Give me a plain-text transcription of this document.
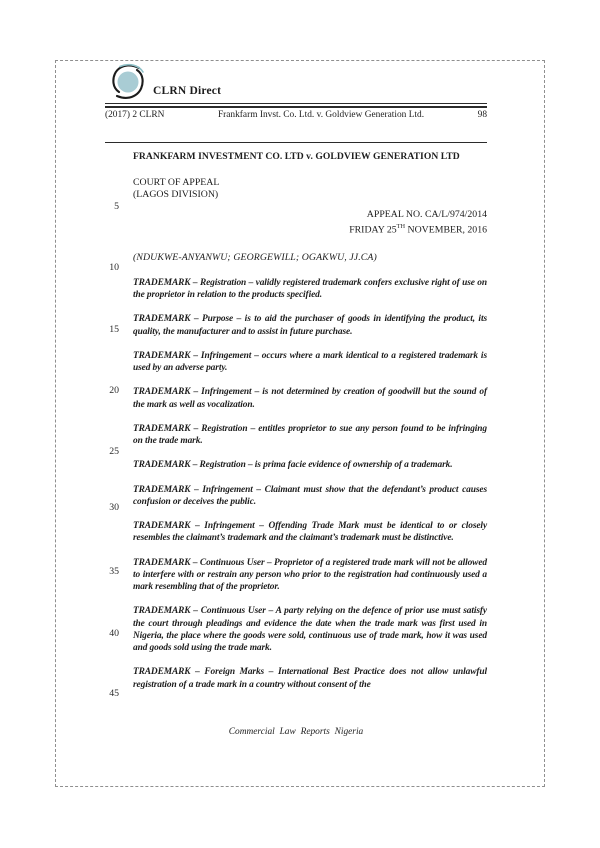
CLRN Direct
(2017) 2 CLRN	Frankfarm Invst. Co. Ltd. v. Goldview Generation Ltd.	98
FRANKFARM INVESTMENT CO. LTD v. GOLDVIEW GENERATION LTD
COURT OF APPEAL
(LAGOS DIVISION)
APPEAL NO. CA/L/974/2014
FRIDAY 25TH NOVEMBER, 2016
(NDUKWE-ANYANWU; GEORGEWILL; OGAKWU, JJ.CA)
5
10
15
20
25
30
35
40
45

TRADEMARK – Registration – validly registered trademark confers exclusive right of use on the proprietor in relation to the products specified.

TRADEMARK – Purpose – is to aid the purchaser of goods in identifying the product, its quality, the manufacturer and to assist in future purchase.

TRADEMARK – Infringement – occurs where a mark identical to a registered trademark is used by an adverse party.

TRADEMARK – Infringement – is not determined by creation of goodwill but the sound of the mark as well as vocalization.

TRADEMARK – Registration – entitles proprietor to sue any person found to be infringing on the trade mark.

TRADEMARK – Registration – is prima facie evidence of ownership of a trademark.

TRADEMARK – Infringement – Claimant must show that the defendant’s product causes confusion or deceives the public.

TRADEMARK – Infringement – Offending Trade Mark must be identical to or closely resembles the claimant’s trademark and the claimant’s trademark must be distinctive.

TRADEMARK – Continuous User – Proprietor of a registered trade mark will not be allowed to interfere with or restrain any person who prior to the registration had continuously used a mark resembling that of the proprietor.

TRADEMARK – Continuous User – A party relying on the defence of prior use must satisfy the court through pleadings and evidence the date when the trade mark was first used in Nigeria, the place where the goods were sold, continuous use of trade mark, how it was used and goods sold using the trade mark.

TRADEMARK – Foreign Marks – International Best Practice does not allow unlawful registration of a trade mark in a country without consent of the

Commercial Law Reports Nigeria
